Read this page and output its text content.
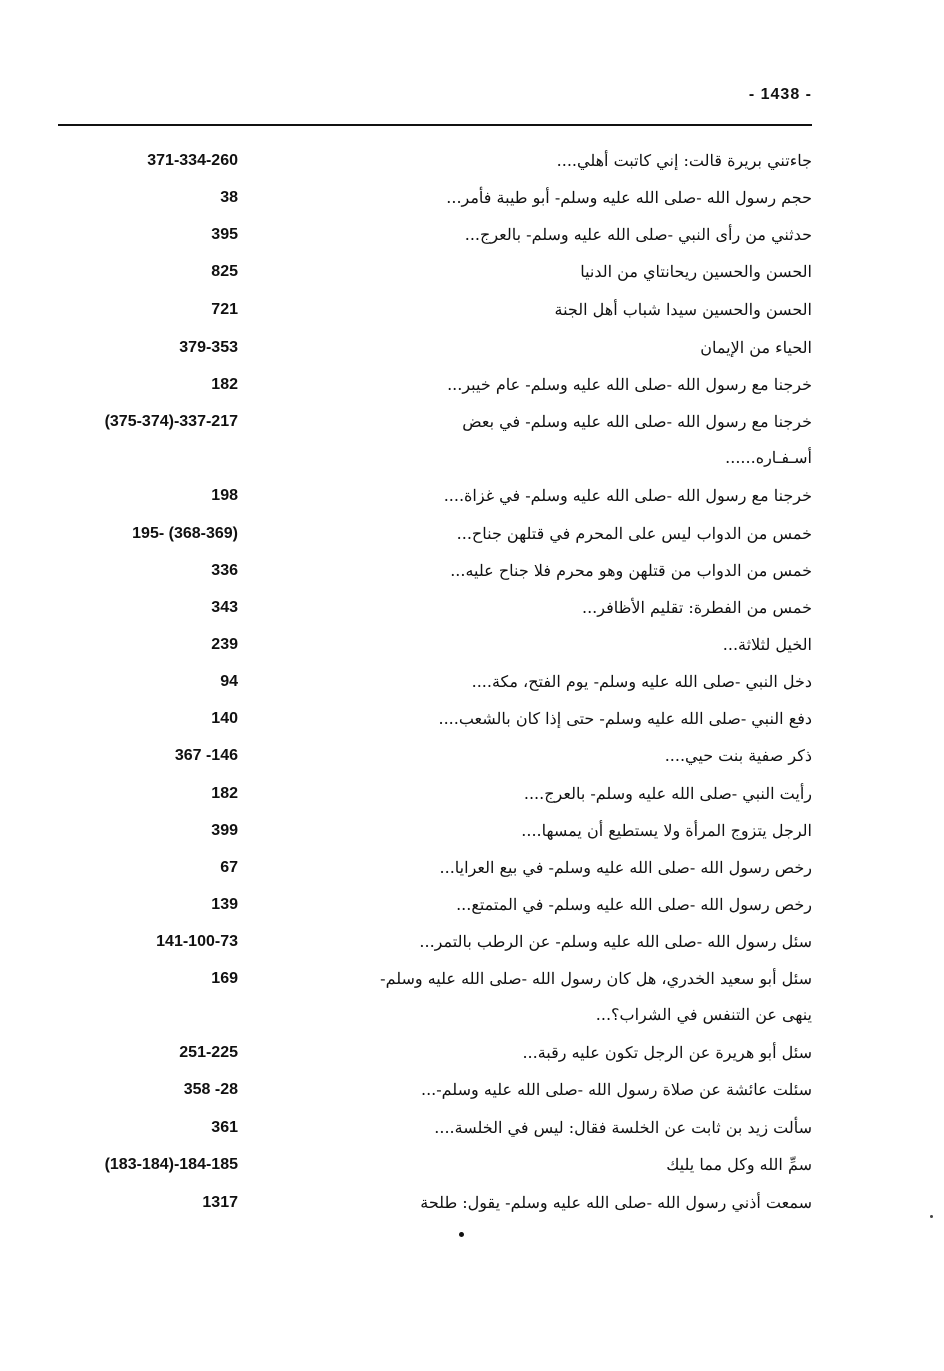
- 1438 -
جاءتني بريرة قالت: إني كاتبت أهلي....
371-334-260
حجم رسول الله -صلى الله عليه وسلم- أبو طيبة فأمر...
38
حدثني من رأى النبي -صلى الله عليه وسلم- بالعرج...
395
الحسن والحسين ريحانتاي من الدنيا
825
الحسن والحسين سيدا شباب أهل الجنة
721
الحياء من الإيمان
379-353
خرجنا مع رسول الله -صلى الله عليه وسلم- عام خيبر...
182
خرجنا مع رسول الله -صلى الله عليه وسلم- في بعض
أسـفـاره......
(375-374)-337-217
خرجنا مع رسول الله -صلى الله عليه وسلم- في غزاة....
198
خمس من الدواب ليس على المحرم في قتلهن جناح...
195- (368-369)
خمس من الدواب من قتلهن وهو محرم فلا جناح عليه...
336
خمس من الفطرة: تقليم الأظافر...
343
الخيل لثلاثة...
239
دخل النبي -صلى الله عليه وسلم- يوم الفتح، مكة....
94
دفع النبي -صلى الله عليه وسلم- حتى إذا كان بالشعب....
140
ذكر صفية بنت حيي....
367 -146
رأيت النبي -صلى الله عليه وسلم- بالعرج....
182
الرجل يتزوج المرأة ولا يستطيع أن يمسها....
399
رخص رسول الله -صلى الله عليه وسلم- في بيع العرايا...
67
رخص رسول الله -صلى الله عليه وسلم- في المتمتع...
139
سئل رسول الله -صلى الله عليه وسلم- عن الرطب بالتمر...
141-100-73
سئل أبو سعيد الخدري، هل كان رسول الله -صلى الله عليه وسلم-
ينهى عن التنفس في الشراب؟...
169
سئل أبو هريرة عن الرجل تكون عليه رقبة...
251-225
سئلت عائشة عن صلاة رسول الله -صلى الله عليه وسلم-...
358 -28
سألت زيد بن ثابت عن الخلسة فقال: ليس في الخلسة....
361
سمِّ الله وكل مما يليك
(183-184)-184-185
سمعت أذني رسول الله -صلى الله عليه وسلم- يقول: طلحة
1317
